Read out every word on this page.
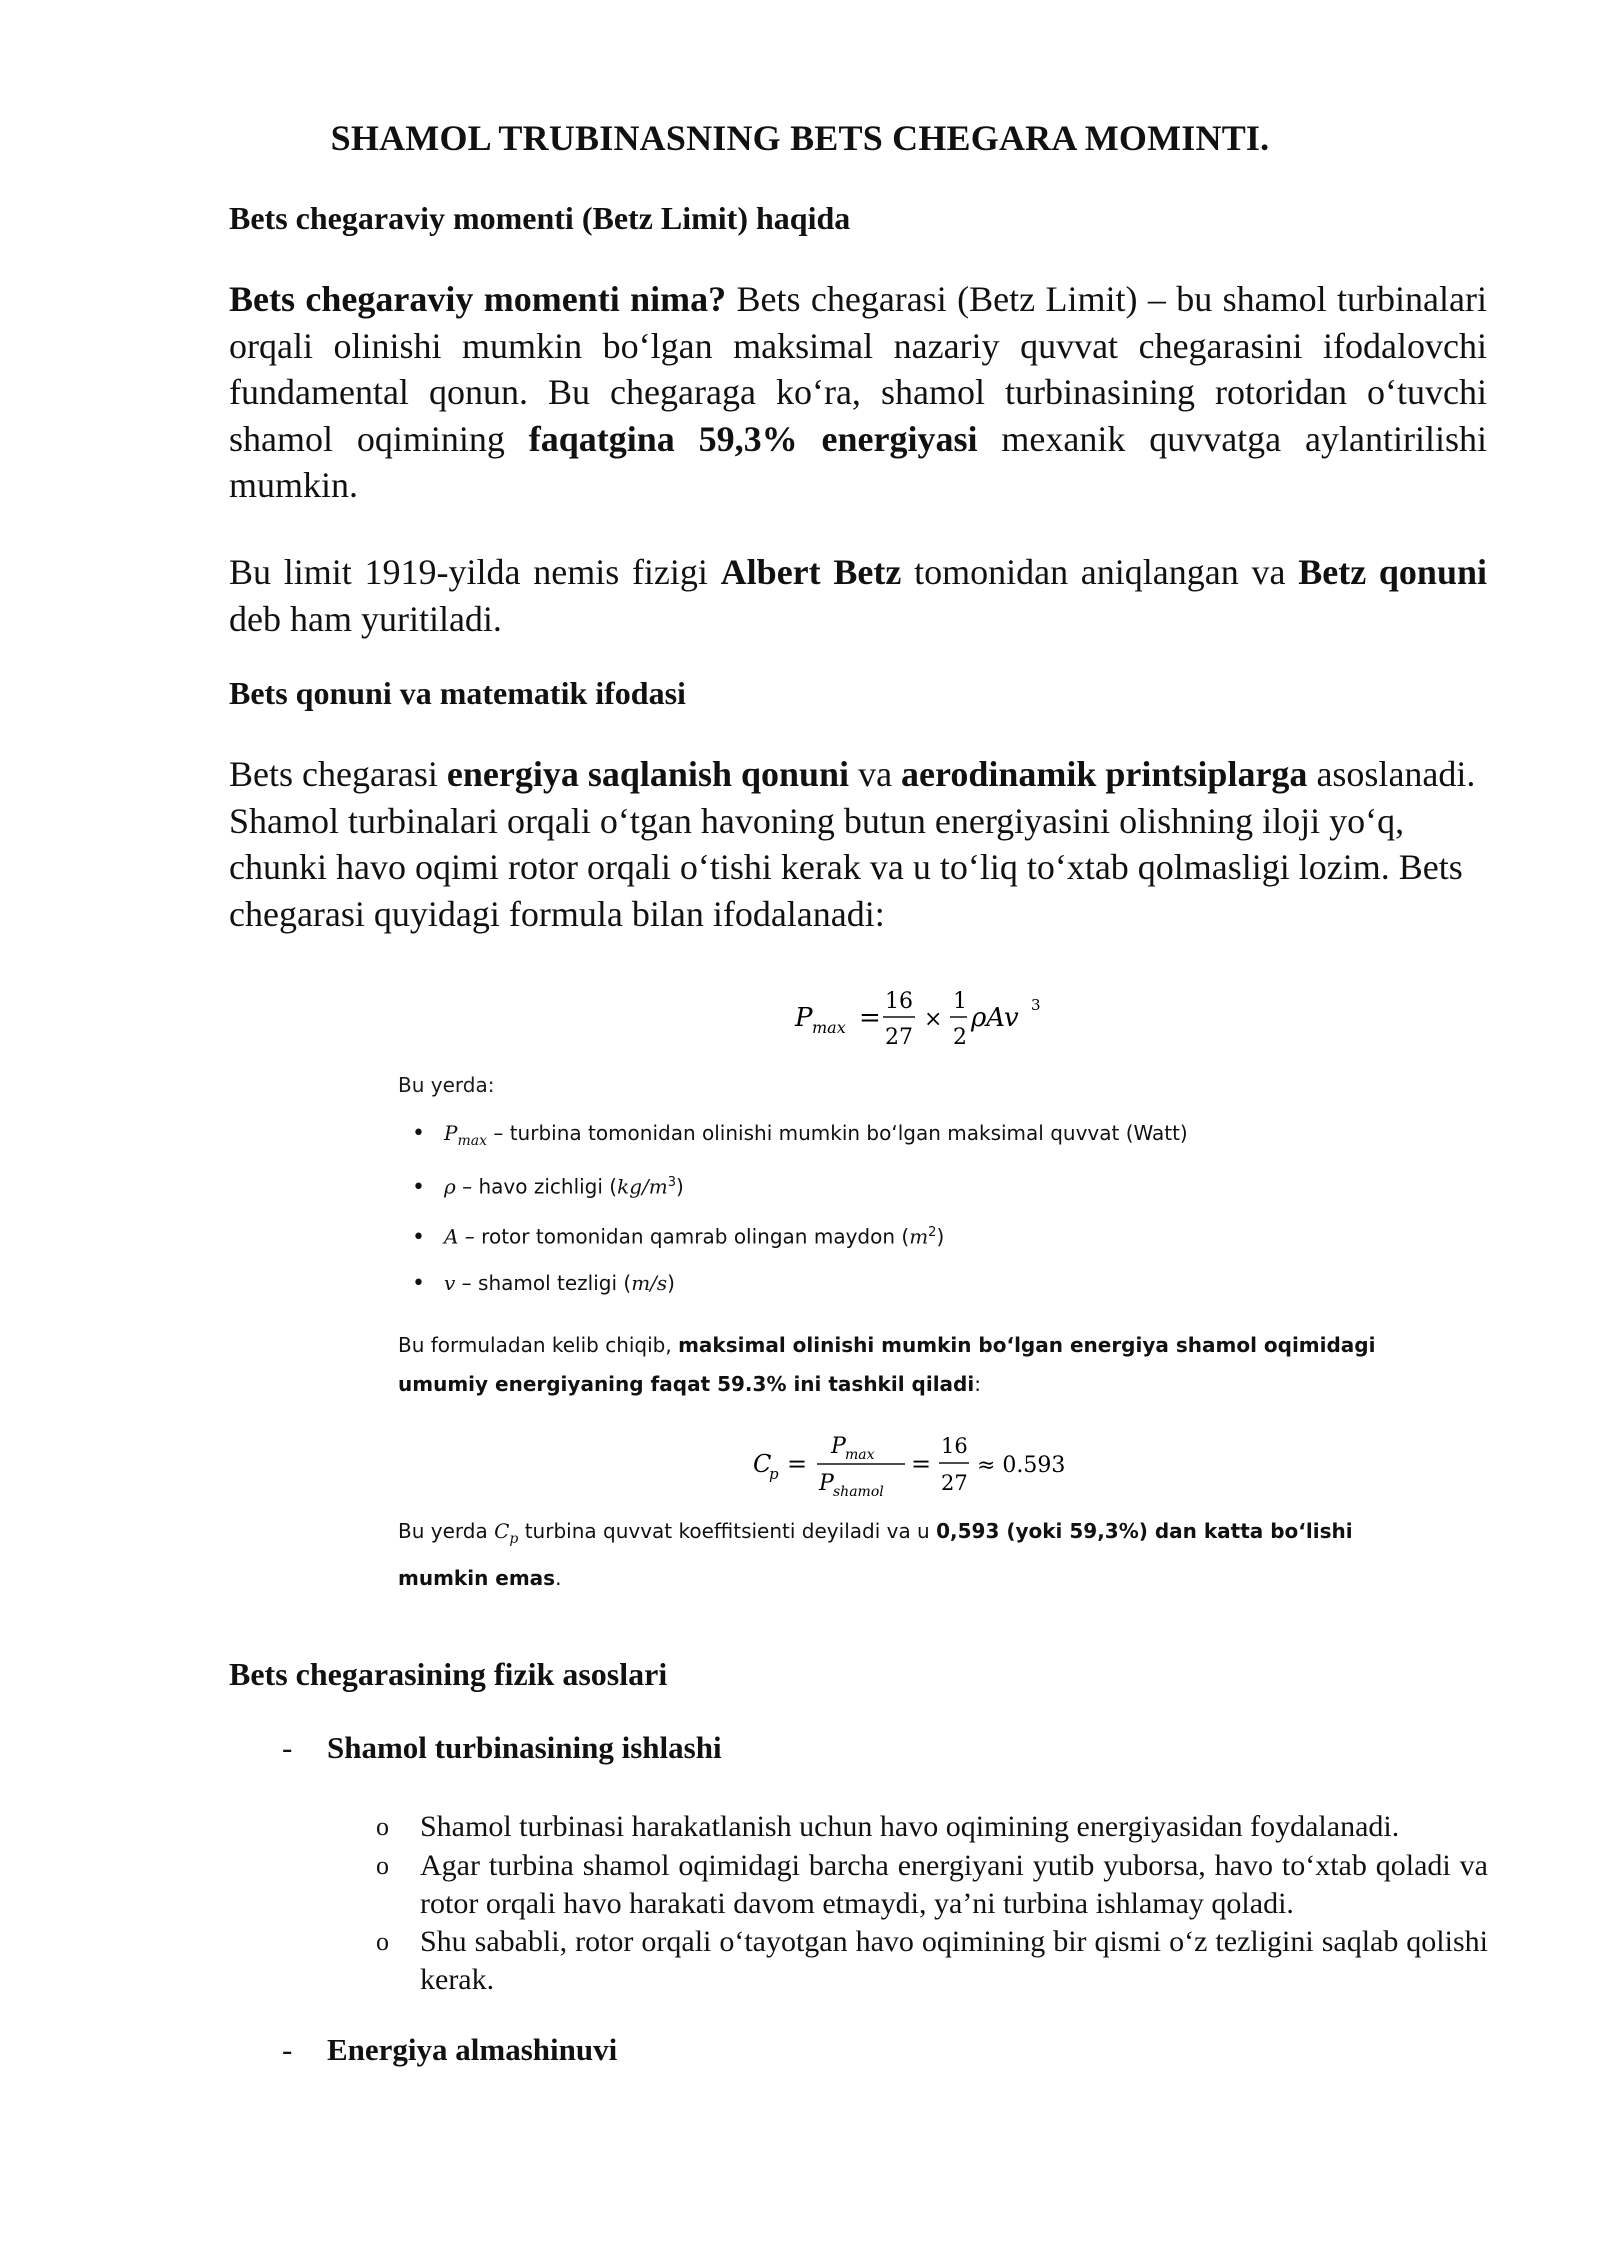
SHAMOL TRUBINASNING BETS CHEGARA MOMINTI.
Bets chegaraviy momenti (Betz Limit) haqida

Bets chegaraviy momenti nima? Bets chegarasi (Betz Limit) – bu shamol turbinalari orqali olinishi mumkin bo‘lgan maksimal nazariy quvvat chegarasini ifodalovchi fundamental qonun. Bu chegaraga ko‘ra, shamol turbinasining rotoridan o‘tuvchi shamol oqimining faqatgina 59,3% energiyasi mexanik quvvatga aylantirilishi mumkin.

Bu limit 1919-yilda nemis fizigi Albert Betz tomonidan aniqlangan va Betz qonuni deb ham yuritiladi.

Bets qonuni va matematik ifodasi

Bets chegarasi energiya saqlanish qonuni va aerodinamik printsiplarga asoslanadi. Shamol turbinalari orqali o‘tgan havoning butun energiyasini olishning iloji yo‘q, chunki havo oqimi rotor orqali o‘tishi kerak va u to‘liq to‘xtab qolmasligi lozim. Bets chegarasi quyidagi formula bilan ifodalanadi:

P max =
16
27
×
1
2
ρAv 3
Bu yerda:
• $P_{max}$ – turbina tomonidan olinishi mumkin bo‘lgan maksimal quvvat (Watt)
• ρ – havo zichligi $(kg/m^3)$
• A – rotor tomonidan qamrab olingan maydon $(m^2)$
• v – shamol tezligi (m/s)

Bu formuladan kelib chiqib, maksimal olinishi mumkin bo‘lgan energiya shamol oqimidagi umumiy energiyaning faqat 59.3% ini tashkil qiladi:

Bu yerda $C_p$ turbina quvvat koeffitsienti deyiladi va u 0,593 (yoki 59,3%) dan katta bo‘lishi mumkin emas.

C
p =
P max
P shamol
=
16
27
≈ 0.593
Bets chegarasining fizik asoslari
- Shamol turbinasining ishlashi
o Shamol turbinasi harakatlanish uchun havo oqimining energiyasidan foydalanadi.
o Agar turbina shamol oqimidagi barcha energiyani yutib yuborsa, havo to‘xtab qoladi va rotor orqali havo harakati davom etmaydi, ya’ni turbina ishlamay qoladi.
o Shu sababli, rotor orqali o‘tayotgan havo oqimining bir qismi o‘z tezligini saqlab qolishi kerak.
- Energiya almashinuvi
